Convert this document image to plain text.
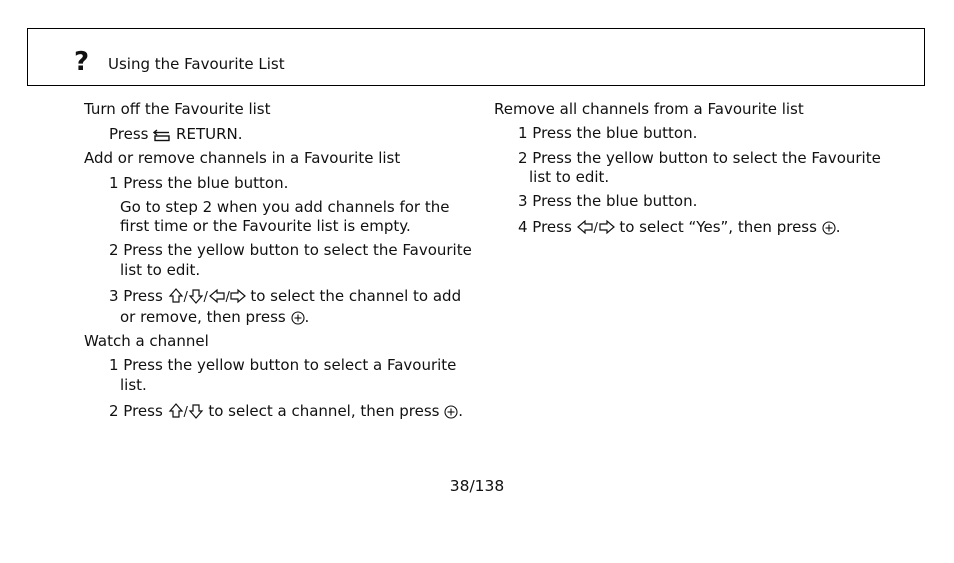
? Using the Favourite List
Turn off the Favourite list
Press RETURN.
Add or remove channels in a Favourite list
1 Press the blue button.
Go to step 2 when you add channels for the
first time or the Favourite list is empty.
2 Press the yellow button to select the Favourite
list to edit.
3 Press / / / to select the channel to add
or remove, then press .
Watch a channel
1 Press the yellow button to select a Favourite
list.
2 Press / to select a channel, then press .
Remove all channels from a Favourite list
1 Press the blue button.
2 Press the yellow button to select the Favourite
list to edit.
3 Press the blue button.
4 Press / to select “Yes”, then press .
38/138
